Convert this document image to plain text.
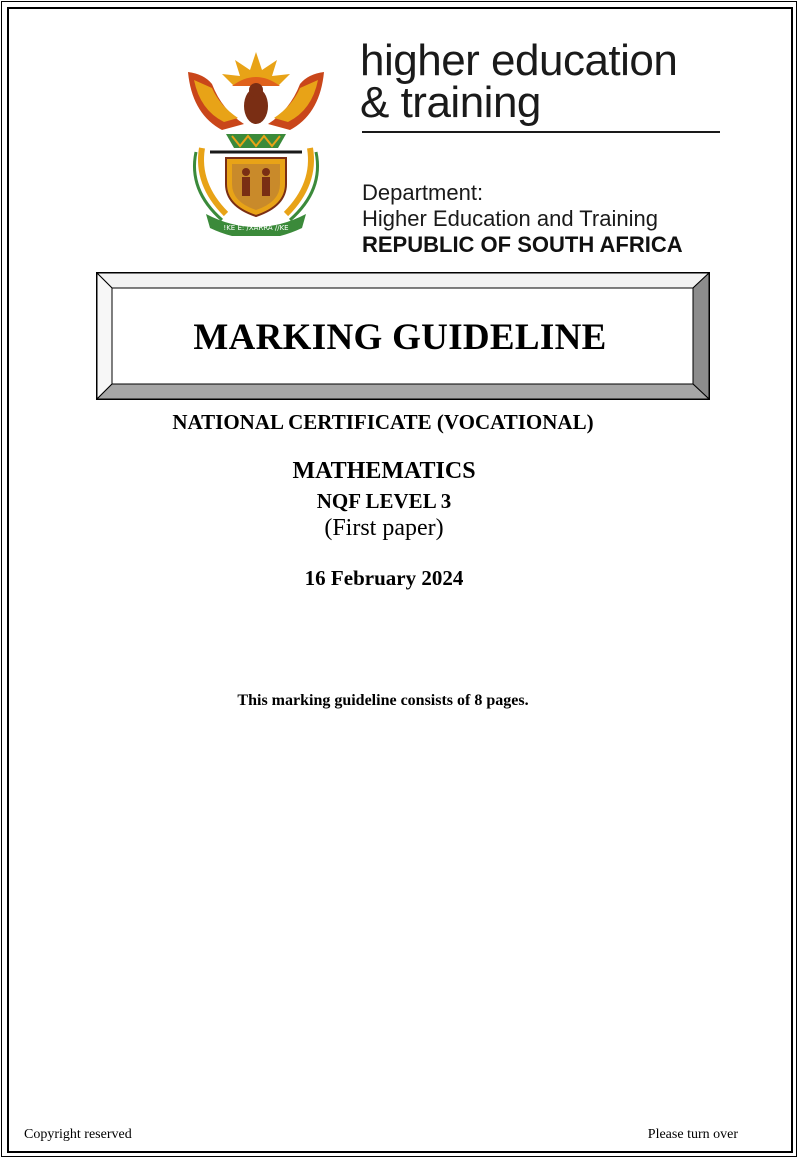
!KE E: /XARRA //KE
higher education
& training
Department:
Higher Education and Training
REPUBLIC OF SOUTH AFRICA
MARKING GUIDELINE
NATIONAL CERTIFICATE (VOCATIONAL)
MATHEMATICS
NQF LEVEL 3
(First paper)
16 February 2024
This marking guideline consists of 8 pages.
Copyright reserved	Please turn over
